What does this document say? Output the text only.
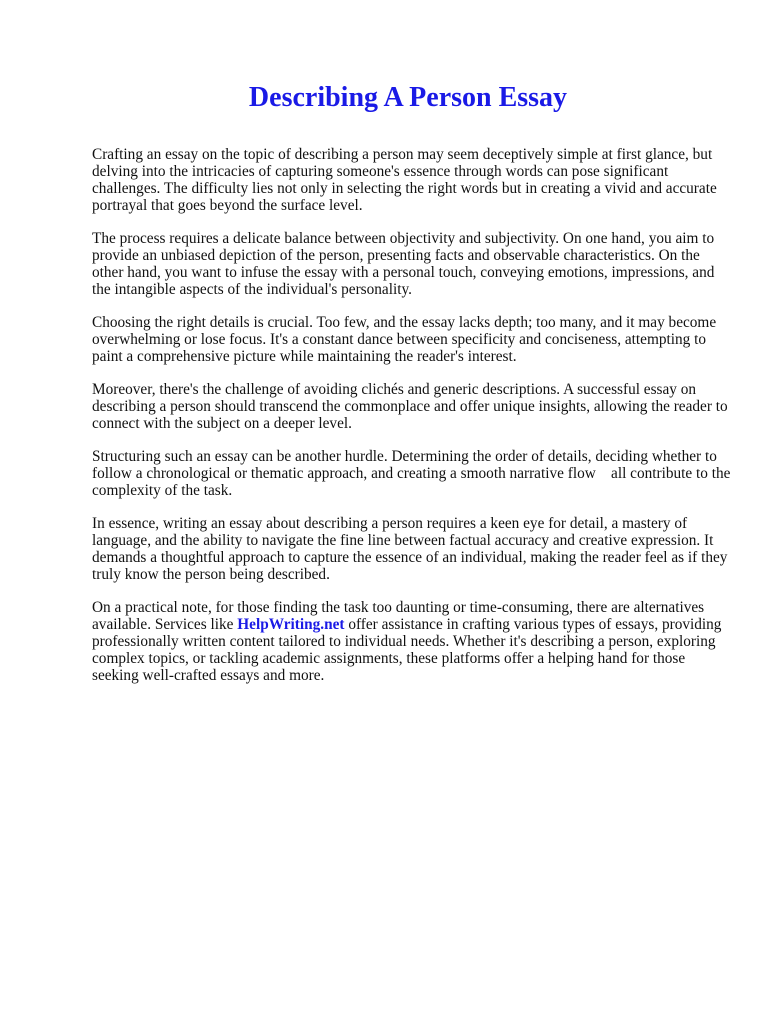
Describing A Person Essay

Crafting an essay on the topic of describing a person may seem deceptively simple at first glance, but delving into the intricacies of capturing someone's essence through words can pose significant challenges. The difficulty lies not only in selecting the right words but in creating a vivid and accurate portrayal that goes beyond the surface level.

The process requires a delicate balance between objectivity and subjectivity. On one hand, you aim to provide an unbiased depiction of the person, presenting facts and observable characteristics. On the other hand, you want to infuse the essay with a personal touch, conveying emotions, impressions, and the intangible aspects of the individual's personality.

Choosing the right details is crucial. Too few, and the essay lacks depth; too many, and it may become overwhelming or lose focus. It's a constant dance between specificity and conciseness, attempting to paint a comprehensive picture while maintaining the reader's interest.

Moreover, there's the challenge of avoiding clichés and generic descriptions. A successful essay on describing a person should transcend the commonplace and offer unique insights, allowing the reader to connect with the subject on a deeper level.

Structuring such an essay can be another hurdle. Determining the order of details, deciding whether to follow a chronological or thematic approach, and creating a smooth narrative flow    all contribute to the complexity of the task.

In essence, writing an essay about describing a person requires a keen eye for detail, a mastery of language, and the ability to navigate the fine line between factual accuracy and creative expression. It demands a thoughtful approach to capture the essence of an individual, making the reader feel as if they truly know the person being described.

On a practical note, for those finding the task too daunting or time-consuming, there are alternatives available. Services like HelpWriting.net offer assistance in crafting various types of essays, providing professionally written content tailored to individual needs. Whether it's describing a person, exploring complex topics, or tackling academic assignments, these platforms offer a helping hand for those seeking well-crafted essays and more.
